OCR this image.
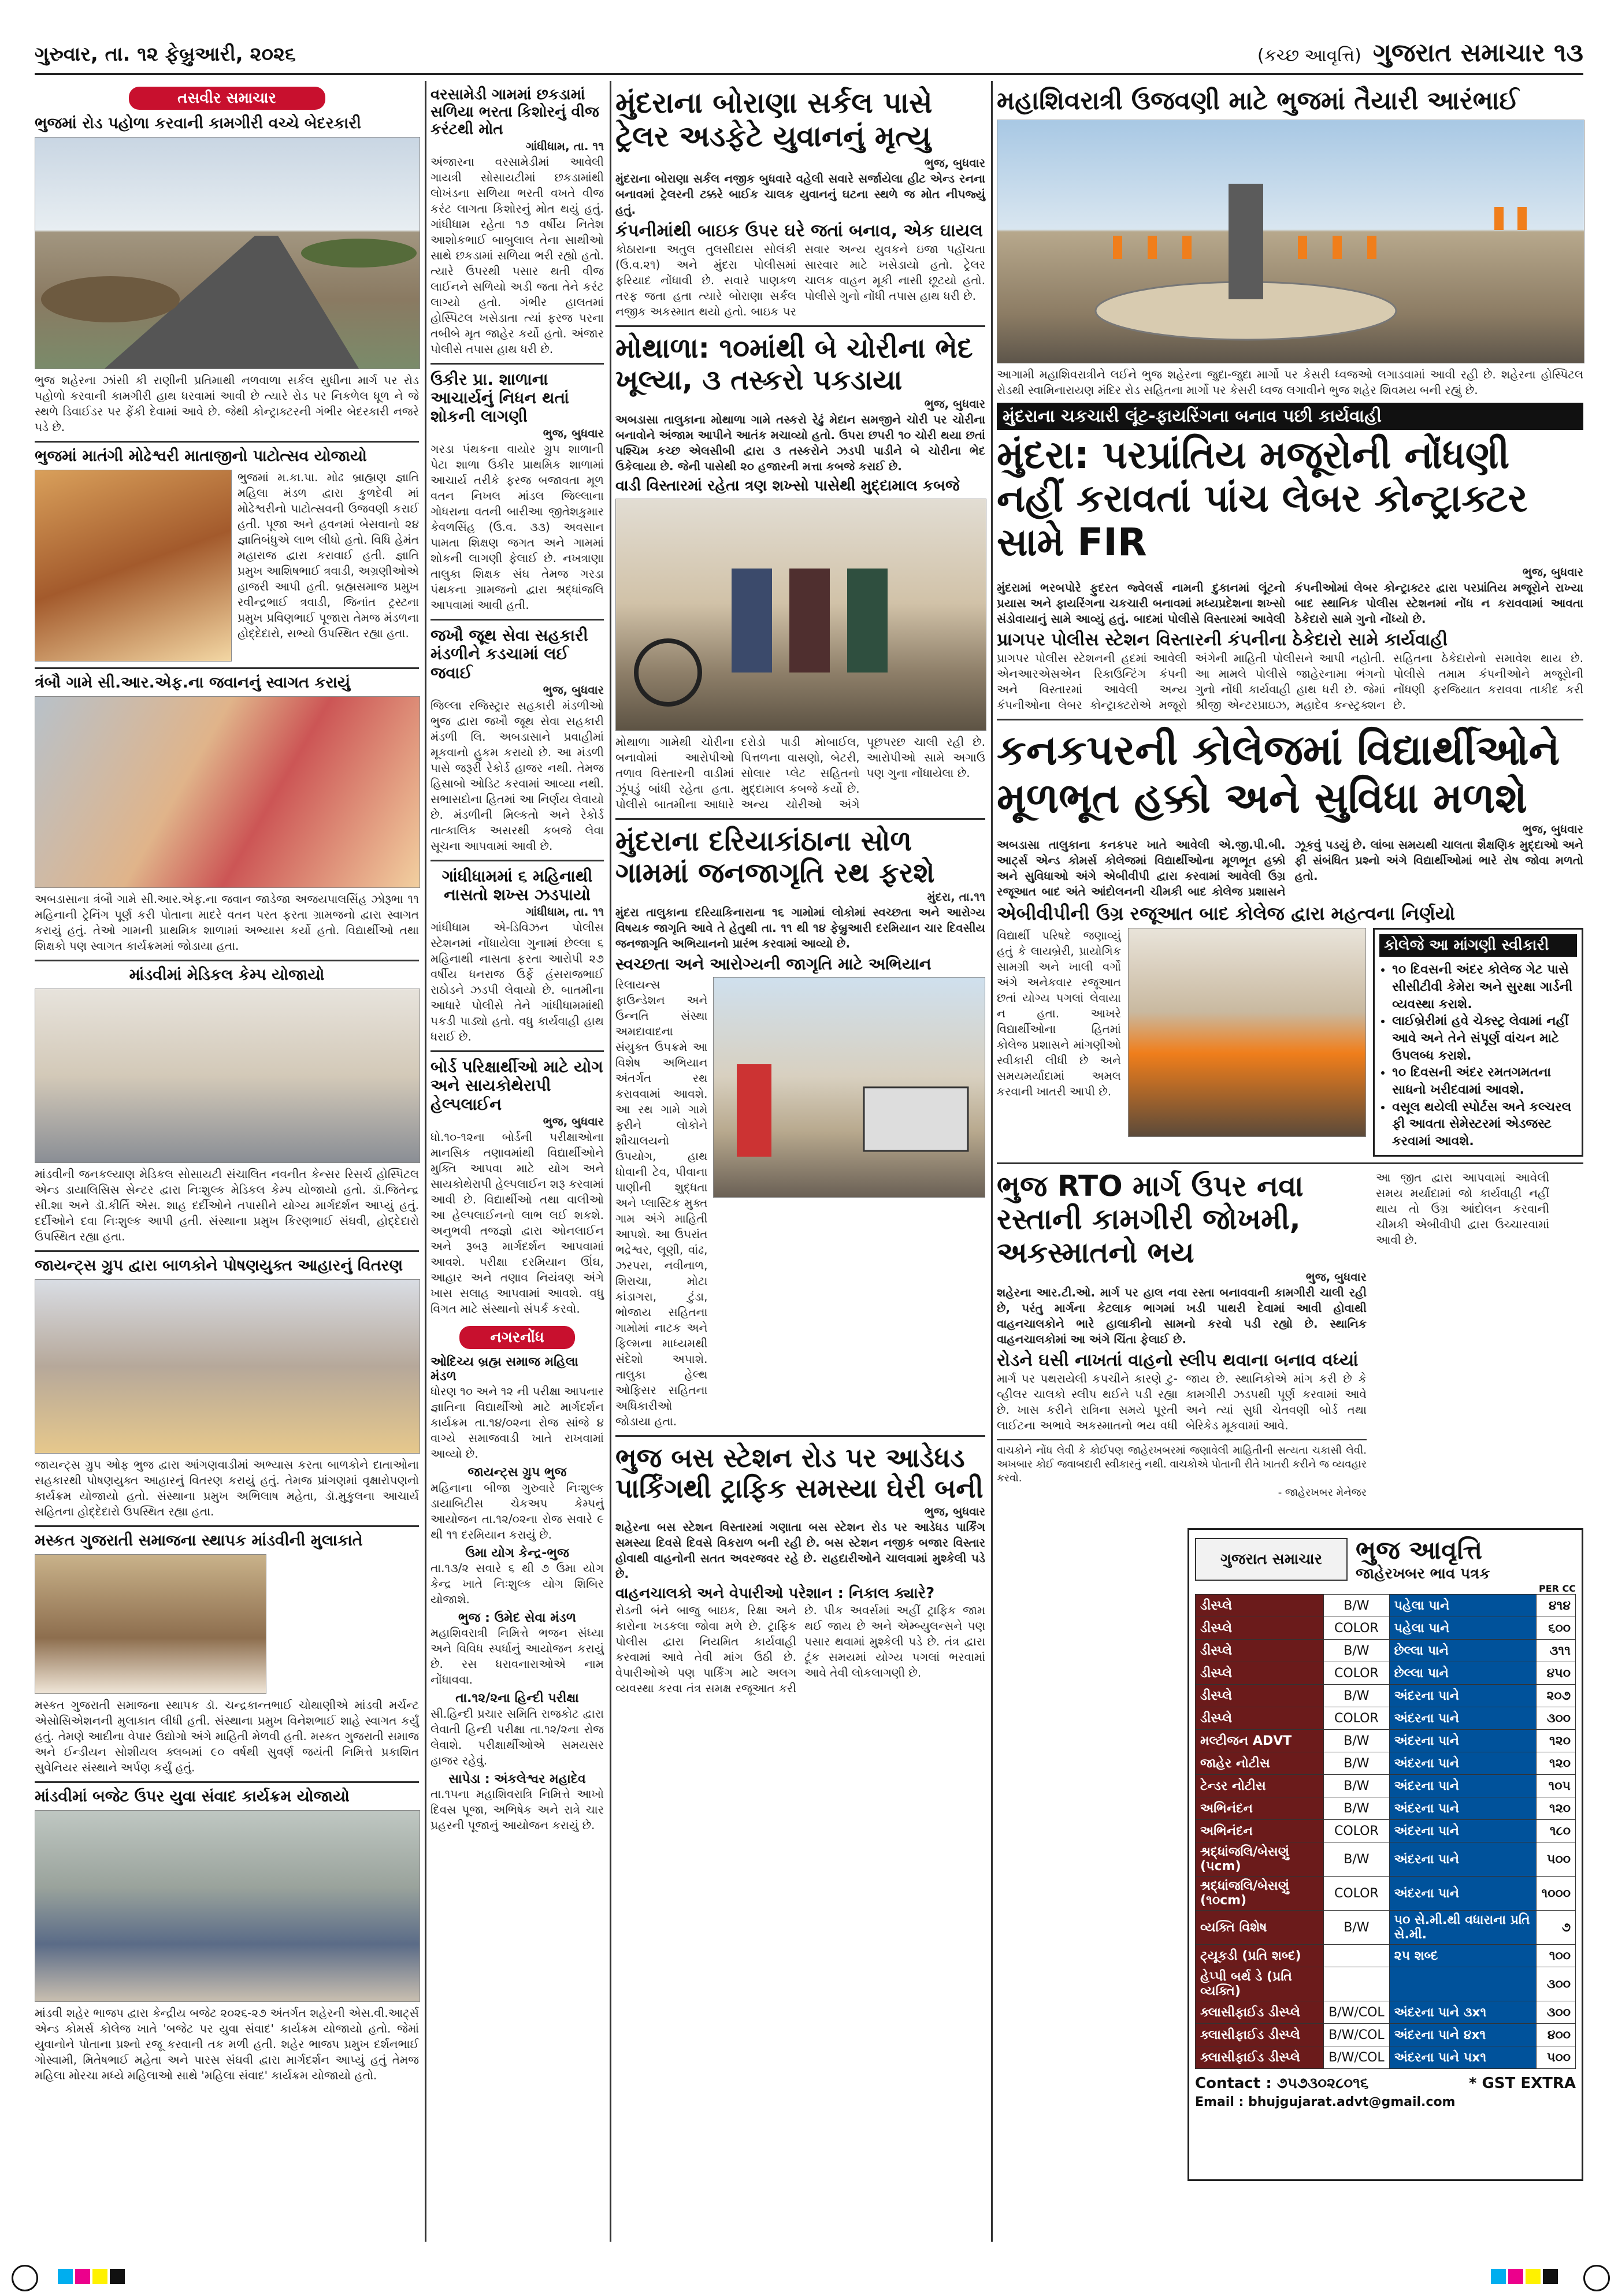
ગુરુવાર, તા. ૧૨ ફેબ્રુઆરી, ૨૦૨૬	(કચ્છ આવૃત્તિ) ગુજરાત સમાચાર ૧૩
તસવીર સમાચાર
ભુજમાં રોડ પહોળા કરવાની કામગીરી વચ્ચે બેદરકારી
ભુજ શહેરના ઝાંસી કી રાણીની પ્રતિમાથી નળવાળા સર્કલ સુધીના માર્ગ પર રોડ પહોળો કરવાની કામગીરી હાથ ધરવામાં આવી છે ત્યારે રોડ પર નિકળેલ ધૂળ ને જે સ્થળે ડિવાઈડર પર ફેંકી દેવામાં આવે છે. જેથી કોન્ટ્રાક્ટરની ગંભીર બેદરકારી નજરે પડે છે.
ભુજમાં માતંગી મોઢેશ્વરી માતાજીનો પાટોત્સવ યોજાયો
ભુજમાં મ.કા.પા. મોઢ બ્રાહ્મણ જ્ઞાતિ મહિલા મંડળ દ્વારા કુળદેવી માં મોઢેશ્વરીનો પાટોત્સવની ઉજવણી કરાઈ હતી. પૂજા અને હવનમાં બેસવાનો ૨૪ જ્ઞાતિબંધુએ લાભ લીધો હતો. વિધિ હેમંત મહારાજ દ્વારા કરાવાઈ હતી. જ્ઞાતિ પ્રમુખ આશિષભાઈ ત્રવાડી, અગ્રણીઓએ હાજરી આપી હતી. બ્રહ્મસમાજ પ્રમુખ રવીન્દ્રભાઈ ત્રવાડી, જિનાંત ટ્રસ્ટના પ્રમુખ પ્રવિણભાઈ પૂજારા તેમજ મંડળના હોદ્દેદારો, સભ્યો ઉપસ્થિત રહ્યા હતા.
ત્રંબૌ ગામે સી.આર.એફ.ના જવાનનું સ્વાગત કરાયું
અબડાસાના ત્રંબૌ ગામે સી.આર.એફ.ના જવાન જાડેજા અજયપાલસિંહ ઝોરૂભા ૧૧ મહિનાની ટ્રેનિંગ પૂર્ણ કરી પોતાના માદરે વતન પરત ફરતા ગ્રામજનો દ્વારા સ્વાગત કરાયું હતું. તેઓ ગામની પ્રાથમિક શાળામાં અભ્યાસ કર્યો હતો. વિદ્યાર્થીઓ તથા શિક્ષકો પણ સ્વાગત કાર્યક્રમમાં જોડાયા હતા.
માંડવીમાં મેડિકલ કેમ્પ યોજાયો
માંડવીની જનકલ્યાણ મેડિકલ સોસાયટી સંચાલિત નવનીત કેન્સર રિસર્ચ હોસ્પિટલ એન્ડ ડાયાલિસિસ સેન્ટર દ્વારા નિઃશુલ્ક મેડિકલ કેમ્પ યોજાયો હતો. ડૉ.જિતેન્દ્ર સી.શા અને ડૉ.કીર્તિ એસ. શાહ દર્દીઓને તપાસીને યોગ્ય માર્ગદર્શન આપ્યું હતું. દર્દીઓને દવા નિઃશુલ્ક આપી હતી. સંસ્થાના પ્રમુખ કિરણભાઈ સંઘવી, હોદ્દેદારો ઉપસ્થિત રહ્યા હતા.
જાયન્ટ્સ ગ્રુપ દ્વારા બાળકોને પોષણયુક્ત આહારનું વિતરણ
જાયન્ટ્સ ગ્રુપ ઓફ ભુજ દ્વારા આંગણવાડીમાં અભ્યાસ કરતા બાળકોને દાતાઓના સહકારથી પોષણયુક્ત આહારનું વિતરણ કરાયું હતું. તેમજ પ્રાંગણમાં વૃક્ષારોપણનો કાર્યક્રમ યોજાયો હતો. સંસ્થાના પ્રમુખ અભિલાષ મહેતા, ડૉ.મુકુલના આચાર્ય સહિતના હોદ્દેદારો ઉપસ્થિત રહ્યા હતા.
મસ્કત ગુજરાતી સમાજના સ્થાપક માંડવીની મુલાકાતે
મસ્કત ગુજરાતી સમાજના સ્થાપક ડૉ. ચન્દ્રકાન્તભાઈ ચોથાણીએ માંડવી મર્ચન્ટ એસોસિએશનની મુલાકાત લીધી હતી. સંસ્થાના પ્રમુખ વિનેશભાઈ શાહે સ્વાગત કર્યું હતું. તેમણે આદીના વેપાર ઉદ્યોગો અંગે માહિતી મેળવી હતી. મસ્કત ગુજરાતી સમાજ અને ઈન્ડીયન સોશીયલ ક્લબમાં ૯૦ વર્ષથી સુવર્ણ જયંતી નિમિત્તે પ્રકાશિત સુવેનિયર સંસ્થાને અર્પણ કર્યું હતું.
માંડવીમાં બજેટ ઉપર યુવા સંવાદ કાર્યક્રમ યોજાયો
માંડવી શહેર ભાજપ દ્વારા કેન્દ્રીય બજેટ ૨૦૨૬-૨૭ અંતર્ગત શહેરની એસ.વી.આર્ટ્સ એન્ડ કોમર્સ કોલેજ ખાતે 'બજેટ પર યુવા સંવાદ' કાર્યક્રમ યોજાયો હતો. જેમાં યુવાનોને પોતાના પ્રશ્નો રજૂ કરવાની તક મળી હતી. શહેર ભાજપ પ્રમુખ દર્શનભાઈ ગોસ્વામી, મિતેષભાઈ મહેતા અને પારસ સંઘવી દ્વારા માર્ગદર્શન આપ્યું હતું તેમજ મહિલા મોરચા મધ્યે મહિલાઓ સાથે 'મહિલા સંવાદ' કાર્યક્રમ યોજાયો હતો.
વરસામેડી ગામમાં છકડામાં સળિયા ભરતા કિશોરનું વીજ કરંટથી મોત
ગાંધીધામ, તા. ૧૧
અંજારના વરસામેડીમાં આવેલી ગાયત્રી સોસાયટીમાં છકડામાંથી લોખંડના સળિયા ભરતી વખતે વીજ કરંટ લાગતા કિશોરનું મોત થયું હતું. ગાંધીધામ રહેતા ૧૭ વર્ષીય નિતેશ આશોકભાઈ બાબુલાલ તેના સાથીઓ સાથે છકડામાં સળિયા ભરી રહ્યો હતો. ત્યારે ઉપરથી પસાર થતી વીજ લાઈનને સળિયો અડી જતા તેને કરંટ લાગ્યો હતો. ગંભીર હાલતમાં હોસ્પિટલ ખસેડાતા ત્યાં ફરજ પરના તબીબે મૃત જાહેર કર્યો હતો. અંજાર પોલીસે તપાસ હાથ ધરી છે.
ઉકીર પ્રા. શાળાના આચાર્યનું નિધન થતાં શોકની લાગણી
ભુજ, બુધવાર
ગરડા પંથકના વાયોર ગ્રુપ શાળાની પેટા શાળા ઉકીર પ્રાથમિક શાળામાં આચાર્ય તરીકે ફરજ બજાવતા મૂળ વતન નિખલ માંડલ જિલ્લાના ગોધરાના વતની બારીઆ જીતેશકુમાર કેવળસિંહ (ઉ.વ. ૩૩) અવસાન પામતા શિક્ષણ જગત અને ગામમાં શોકની લાગણી ફેલાઈ છે. નખત્રાણા તાલુકા શિક્ષક સંઘ તેમજ ગરડા પંથકના ગ્રામજનો દ્વારા શ્રદ્ધાંજલિ આપવામાં આવી હતી.
જખૌ જૂથ સેવા સહકારી મંડળીને કડચામાં લઈ જવાઈ
ભુજ, બુધવાર
જિલ્લા રજિસ્ટ્રાર સહકારી મંડળીઓ ભુજ દ્વારા જખૌ જૂથ સેવા સહકારી મંડળી લિ. અબડાસાને પ્રવાહીમાં મૂકવાનો હુકમ કરાયો છે. આ મંડળી પાસે જરૂરી રેકોર્ડ હાજર નથી. તેમજ હિસાબો ઓડિટ કરવામાં આવ્યા નથી. સભાસદોના હિતમાં આ નિર્ણય લેવાયો છે. મંડળીની મિલ્કતો અને રેકોર્ડ તાત્કાલિક અસરથી કબજે લેવા સૂચના આપવામાં આવી છે.
ગાંધીધામમાં ૬ મહિનાથી નાસતો શખ્સ ઝડપાયો
ગાંધીધામ, તા. ૧૧
ગાંધીધામ એ-ડિવિઝન પોલીસ સ્ટેશનમાં નોંધાયેલા ગુનામાં છેલ્લા ૬ મહિનાથી નાસતા ફરતા આરોપી ૨૭ વર્ષીય ધનરાજ ઉર્ફે હંસરાજભાઈ રાઠોડને ઝડપી લેવાયો છે. બાતમીના આધારે પોલીસે તેને ગાંધીધામમાંથી પકડી પાડ્યો હતો. વધુ કાર્યવાહી હાથ ધરાઈ છે.
બોર્ડ પરિક્ષાર્થીઓ માટે યોગ અને સાયકોથેરાપી હેલ્પલાઈન
ભુજ, બુધવાર
ધો.૧૦-૧૨ના બોર્ડની પરીક્ષાઓના માનસિક તણાવમાંથી વિદ્યાર્થીઓને મુક્તિ આપવા માટે યોગ અને સાયકોથેરાપી હેલ્પલાઈન શરૂ કરવામાં આવી છે. વિદ્યાર્થીઓ તથા વાલીઓ આ હેલ્પલાઈનનો લાભ લઈ શકશે. અનુભવી તજજ્ઞો દ્વારા ઓનલાઈન અને રૂબરૂ માર્ગદર્શન આપવામાં આવશે. પરીક્ષા દરમિયાન ઊંઘ, આહાર અને તણાવ નિયંત્રણ અંગે ખાસ સલાહ આપવામાં આવશે. વધુ વિગત માટે સંસ્થાનો સંપર્ક કરવો.
નગરનોંધ
ઓદિચ્ય બ્રહ્મ સમાજ મહિલા મંડળ
ધોરણ ૧૦ અને ૧૨ ની પરીક્ષા આપનાર જ્ઞાતિના વિદ્યાર્થીઓ માટે માર્ગદર્શન કાર્યક્રમ તા.૧૪/૦૨ના રોજ સાંજે ૪ વાગ્યે સમાજવાડી ખાતે રાખવામાં આવ્યો છે.
જાયન્ટ્સ ગ્રુપ ભુજ
મહિનાના બીજા ગુરુવારે નિઃશુલ્ક ડાયાબિટીસ ચેકઅપ કેમ્પનું આયોજન તા.૧૨/૦૨ના રોજ સવારે ૯ થી ૧૧ દરમિયાન કરાયું છે.
ઉમા યોગ કેન્દ્ર-ભુજ
તા.૧૩/૨ સવારે ૬ થી ૭ ઉમા યોગ કેન્દ્ર ખાતે નિઃશુલ્ક યોગ શિબિર યોજાશે.
ભુજ : ઉમેદ સેવા મંડળ
મહાશિવરાત્રી નિમિત્તે ભજન સંધ્યા અને વિવિધ સ્પર્ધાનું આયોજન કરાયું છે. રસ ધરાવનારાઓએ નામ નોંધાવવા.
તા.૧૨/૨ના હિન્દી પરીક્ષા
સી.હિન્દી પ્રચાર સમિતિ રાજકોટ દ્વારા લેવાતી હિન્દી પરીક્ષા તા.૧૨/૨ના રોજ લેવાશે. પરીક્ષાર્થીઓએ સમયસર હાજર રહેવું.
સાપેડા : અંકલેશ્વર મહાદેવ
તા.૧૫ના મહાશિવરાત્રિ નિમિત્તે આખો દિવસ પૂજા, અભિષેક અને રાત્રે ચાર પ્રહરની પૂજાનું આયોજન કરાયું છે.
મુંદરાના બોરાણા સર્કલ પાસે ટ્રેલર અડફેટે યુવાનનું મૃત્યુ
ભુજ, બુધવાર
મુંદરાના બોરાણા સર્કલ નજીક બુધવારે વહેલી સવારે સર્જાયેલા હીટ એન્ડ રનના બનાવમાં ટ્રેલરની ટક્કરે બાઈક ચાલક યુવાનનું ઘટના સ્થળે જ મોત નીપજ્યું હતું.
કંપનીમાંથી બાઇક ઉપર ઘરે જતાં બનાવ, એક ઘાયલ
કોઠારાના અતુલ તુલસીદાસ સોલંકી (ઉ.વ.૨૧) અને મુંદરા પોલીસમાં ફરિયાદ નોંધાવી છે. સવારે પાણકળ તરફ જતા હતા ત્યારે બોરાણા સર્કલ નજીક અકસ્માત થયો હતો. બાઇક પર સવાર અન્ય યુવકને ઇજા પહોંચતા સારવાર માટે ખસેડાયો હતો. ટ્રેલર ચાલક વાહન મૂકી નાસી છૂટયો હતો. પોલીસે ગુનો નોંધી તપાસ હાથ ધરી છે.
મોથાળા: ૧૦માંથી બે ચોરીના ભેદ ખૂલ્યા, ૩ તસ્કરો પકડાયા
ભુજ, બુધવાર
અબડાસા તાલુકાના મોથાળા ગામે તસ્કરો રેઢું મેદાન સમજીને ચોરી પર ચોરીના બનાવોને અંજામ આપીને આતંક મચાવ્યો હતો. ઉપરા છપરી ૧૦ ચોરી થયા છતાં પશ્ચિમ કચ્છ એલસીબી દ્વારા ૩ તસ્કરોને ઝડપી પાડીને બે ચોરીના ભેદ ઉકેલાયા છે. જેની પાસેથી ૨૦ હજારની મત્તા કબજે કરાઈ છે.
વાડી વિસ્તારમાં રહેતા ત્રણ શખ્સો પાસેથી મુદ્દામાલ કબજે
મોથાળા ગામેથી ચોરીના બનાવોમાં આરોપીઓ તળાવ વિસ્તારની વાડીમાં ઝૂંપડું બાંધી રહેતા હતા. પોલીસે બાતમીના આધારે દરોડો પાડી મોબાઈલ, પિત્તળના વાસણો, બેટરી, સોલાર પ્લેટ સહિતનો મુદ્દામાલ કબજે કર્યો છે. અન્ય ચોરીઓ અંગે પૂછપરછ ચાલી રહી છે. આરોપીઓ સામે અગાઉ પણ ગુના નોંધાયેલા છે.
મુંદરાના દરિયાકાંઠાના સોળ ગામમાં જનજાગૃતિ રથ ફરશે
મુંદરા, તા.૧૧
મુંદરા તાલુકાના દરિયાકિનારાના ૧૬ ગામોમાં લોકોમાં સ્વચ્છતા અને આરોગ્ય વિષયક જાગૃતિ આવે તે હેતુથી તા. ૧૧ થી ૧૪ ફેબ્રુઆરી દરમિયાન ચાર દિવસીય જનજાગૃતિ અભિયાનનો પ્રારંભ કરવામાં આવ્યો છે.
સ્વચ્છતા અને આરોગ્યની જાગૃતિ માટે અભિયાન
રિલાયન્સ ફાઉન્ડેશન અને ઉન્નતિ સંસ્થા અમદાવાદના સંયુક્ત ઉપક્રમે આ વિશેષ અભિયાન અંતર્ગત રથ કરાવવામાં આવશે. આ રથ ગામે ગામે ફરીને લોકોને શૌચાલયનો ઉપયોગ, હાથ ધોવાની ટેવ, પીવાના પાણીની શુદ્ધતા અને પ્લાસ્ટિક મુક્ત ગામ અંગે માહિતી આપશે. આ ઉપરાંત ભદ્રેશ્વર, લૂણી, વાંઢ, ઝરપરા, નવીનાળ, શિરાચા, મોટા કાંડાગરા, ટુંડા, ભોજાય સહિતના ગામોમાં નાટક અને ફિલ્મના માધ્યમથી સંદેશો અપાશે. તાલુકા હેલ્થ ઓફિસર સહિતના અધિકારીઓ જોડાયા હતા.
ભુજ બસ સ્ટેશન રોડ પર આડેધડ પાર્કિંગથી ટ્રાફિક સમસ્યા ઘેરી બની
ભુજ, બુધવાર
શહેરના બસ સ્ટેશન વિસ્તારમાં ગણાતા બસ સ્ટેશન રોડ પર આડેધડ પાર્કિંગ સમસ્યા દિવસે દિવસે વિકરાળ બની રહી છે. બસ સ્ટેશન નજીક બજાર વિસ્તાર હોવાથી વાહનોની સતત અવરજવર રહે છે. રાહદારીઓને ચાલવામાં મુશ્કેલી પડે છે.
વાહનચાલકો અને વેપારીઓ પરેશાન : નિકાલ ક્યારે?
રોડની બંને બાજુ બાઇક, રિક્ષા અને કારોના ખડકલા જોવા મળે છે. ટ્રાફિક પોલીસ દ્વારા નિયમિત કાર્યવાહી કરવામાં આવે તેવી માંગ ઉઠી છે. વેપારીઓએ પણ પાર્કિંગ માટે અલગ વ્યવસ્થા કરવા તંત્ર સમક્ષ રજૂઆત કરી છે. પીક અવર્સમાં અહીં ટ્રાફિક જામ થઈ જાય છે અને એમ્બ્યુલન્સને પણ પસાર થવામાં મુશ્કેલી પડે છે. તંત્ર દ્વારા ટૂંક સમયમાં યોગ્ય પગલાં ભરવામાં આવે તેવી લોકલાગણી છે.
મહાશિવરાત્રી ઉજવણી માટે ભુજમાં તૈયારી આરંભાઈ
આગામી મહાશિવરાત્રીને લઈને ભુજ શહેરના જુદા-જુદા માર્ગો પર કેસરી ધ્વજઓ લગાડવામાં આવી રહી છે. શહેરના હોસ્પિટલ રોડથી સ્વામિનારાયણ મંદિર રોડ સહિતના માર્ગો પર કેસરી ધ્વજ લગાવીને ભુજ શહેર શિવમય બની રહ્યું છે.
મુંદરાના ચકચારી લૂંટ-ફાયરિંગના બનાવ પછી કાર્યવાહી
મુંદરા: પરપ્રાંતિય મજૂરોની નોંધણી નહીં કરાવતાં પાંચ લેબર કોન્ટ્રાક્ટર સામે FIR
ભુજ, બુધવાર
મુંદરામાં ભરબપોરે ફુદરત જ્વેલર્સ નામની દુકાનમાં લૂંટનો પ્રયાસ અને ફાયરિંગના ચકચારી બનાવમાં મધ્યપ્રદેશના શખ્સો સંડોવાયાનું સામે આવ્યું હતું. બાદમાં પોલીસે વિસ્તારમાં આવેલી કંપનીઓમાં લેબર કોન્ટ્રાક્ટર દ્વારા પરપ્રાંતિય મજૂરોને રાખ્યા બાદ સ્થાનિક પોલીસ સ્ટેશનમાં નોંધ ન કરાવવામાં આવતા ઠેકેદારો સામે ગુનો નોંધ્યો છે.
પ્રાગપર પોલીસ સ્ટેશન વિસ્તારની કંપનીના ઠેકેદારો સામે કાર્યવાહી
પ્રાગપર પોલીસ સ્ટેશનની હદમાં આવેલી એનઆરએસએન રિકાઉન્ટિંગ કંપની અને વિસ્તારમાં આવેલી અન્ય કંપનીઓના લેબર કોન્ટ્રાક્ટરોએ મજૂરો અંગેની માહિતી પોલીસને આપી નહોતી. આ મામલે પોલીસે જાહેરનામા ભંગનો ગુનો નોંધી કાર્યવાહી હાથ ધરી છે. જેમાં શ્રીજી એન્ટરપ્રાઇઝ, મહાદેવ કન્સ્ટ્રક્શન સહિતના ઠેકેદારોનો સમાવેશ થાય છે. પોલીસે તમામ કંપનીઓને મજૂરોની નોંધણી ફરજિયાત કરાવવા તાકીદ કરી છે.
કનકપરની કોલેજમાં વિદ્યાર્થીઓને મૂળભૂત હક્કો અને સુવિધા મળશે
ભુજ, બુધવાર
અબડાસા તાલુકાના કનકપર ખાતે આવેલી એ.જી.પી.બી. આર્ટ્સ એન્ડ કોમર્સ કોલેજમાં વિદ્યાર્થીઓના મૂળભૂત હક્કો અને સુવિધાઓ અંગે એબીવીપી દ્વારા કરવામાં આવેલી ઉગ્ર રજૂઆત બાદ અંતે આંદોલનની ચીમકી બાદ કોલેજ પ્રશાસને ઝૂકવું પડયું છે. લાંબા સમયથી ચાલતા શૈક્ષણિક મુદ્દાઓ અને ફી સંબંધિત પ્રશ્નો અંગે વિદ્યાર્થીઓમાં ભારે રોષ જોવા મળતો હતો.
એબીવીપીની ઉગ્ર રજૂઆત બાદ કોલેજ દ્વારા મહત્વના નિર્ણયો
વિદ્યાર્થી પરિષદે જણાવ્યું હતું કે લાયબ્રેરી, પ્રાયોગિક સામગ્રી અને ખાલી વર્ગો અંગે અનેકવાર રજૂઆત છતાં યોગ્ય પગલાં લેવાયા ન હતા. આખરે વિદ્યાર્થીઓના હિતમાં કોલેજ પ્રશાસને માંગણીઓ સ્વીકારી લીધી છે અને સમયમર્યાદામાં અમલ કરવાની ખાતરી આપી છે.
કોલેજે આ માંગણી સ્વીકારી
• ૧૦ દિવસની અંદર કોલેજ ગેટ પાસે સીસીટીવી કેમેરા અને સુરક્ષા ગાર્ડની વ્યવસ્થા કરાશે.
• લાઈબ્રેરીમાં હવે ચેક્સ્ટ્ર લેવામાં નહીં આવે અને તેને સંપૂર્ણ વાંચન માટે ઉપલબ્ધ કરાશે.
• ૧૦ દિવસની અંદર રમતગમતના સાધનો ખરીદવામાં આવશે.
• વસૂલ થયેલી સ્પોર્ટસ અને કલ્ચરલ ફી આવતા સેમેસ્ટરમાં એડજસ્ટ કરવામાં આવશે.
ભુજ RTO માર્ગ ઉપર નવા રસ્તાની કામગીરી જોખમી, અકસ્માતનો ભય
ભુજ, બુધવાર
શહેરના આર.ટી.ઓ. માર્ગ પર હાલ નવા રસ્તા બનાવવાની કામગીરી ચાલી રહી છે, પરંતુ માર્ગના કેટલાક ભાગમાં ખડી પાથરી દેવામાં આવી હોવાથી વાહનચાલકોને ભારે હાલાકીનો સામનો કરવો પડી રહ્યો છે. સ્થાનિક વાહનચાલકોમાં આ અંગે ચિંતા ફેલાઈ છે.
રોડને ઘસી નાખતાં વાહનો સ્લીપ થવાના બનાવ વધ્યાં
માર્ગ પર પથરાયેલી કપચીને કારણે ટુ-વ્હીલર ચાલકો સ્લીપ થઈને પડી રહ્યા છે. ખાસ કરીને રાત્રિના સમયે પૂરતી લાઈટના અભાવે અકસ્માતનો ભય વધી જાય છે. સ્થાનિકોએ માંગ કરી છે કે કામગીરી ઝડપથી પૂર્ણ કરવામાં આવે અને ત્યાં સુધી ચેતવણી બોર્ડ તથા બેરિકેડ મૂકવામાં આવે.
વાચકોને નોંધ લેવી કે કોઈપણ જાહેરખબરમાં જણાવેલી માહિતીની સત્યતા ચકાસી લેવી. અખબાર કોઈ જવાબદારી સ્વીકારતું નથી. વાચકોએ પોતાની રીતે ખાતરી કરીને જ વ્યવહાર કરવો.
- જાહેરખબર મેનેજર
આ જીત દ્વારા આપવામાં આવેલી સમય મર્યાદામાં જો કાર્યવાહી નહીં થાય તો ઉગ્ર આંદોલન કરવાની ચીમકી એબીવીપી દ્વારા ઉચ્ચારવામાં આવી છે.
ગુજરાત સમાચાર	ભુજ આવૃત્તિ
જાહેરખબર ભાવ પત્રક
PER CC
ડીસ્પ્લે	B/W	પહેલા પાને	૪૧૪
ડીસ્પ્લે	COLOR	પહેલા પાને	૬૦૦
ડીસ્પ્લે	B/W	છેલ્લા પાને	૩૧૧
ડીસ્પ્લે	COLOR	છેલ્લા પાને	૪૫૦
ડીસ્પ્લે	B/W	અંદરના પાને	૨૦૭
ડીસ્પ્લે	COLOR	અંદરના પાને	૩૦૦
મલ્ટીજન ADVT	B/W	અંદરના પાને	૧૨૦
જાહેર નોટીસ	B/W	અંદરના પાને	૧૨૦
ટેન્ડર નોટીસ	B/W	અંદરના પાને	૧૦૫
અભિનંદન	B/W	અંદરના પાને	૧૨૦
અભિનંદન	COLOR	અંદરના પાને	૧૮૦
શ્રદ્ધાંજલિ/બેસણું (૫cm)	B/W	અંદરના પાને	૫૦૦
શ્રદ્ધાંજલિ/બેસણું (૧૦cm)	COLOR	અંદરના પાને	૧૦૦૦
વ્યક્તિ વિશેષ	B/W	૫૦ સે.મી.થી વધારાના પ્રતિ સે.મી.	૭
ટ્યૂકડી (પ્રતિ શબ્દ)		૨૫ શબ્દ	૧૦૦
હેપ્પી બર્થ ડે (પ્રતિ વ્યક્તિ)			૩૦૦
ક્લાસીફાઈડ ડીસ્પ્લે	B/W/COL	અંદરના પાને ૩x૧	૩૦૦
ક્લાસીફાઈડ ડીસ્પ્લે	B/W/COL	અંદરના પાને ૪x૧	૪૦૦
ક્લાસીફાઈડ ડીસ્પ્લે	B/W/COL	અંદરના પાને ૫x૧	૫૦૦
Contact : ૭૫૭૩૦૨૮૦૧૬	* GST EXTRA
Email : bhujgujarat.advt@gmail.com
